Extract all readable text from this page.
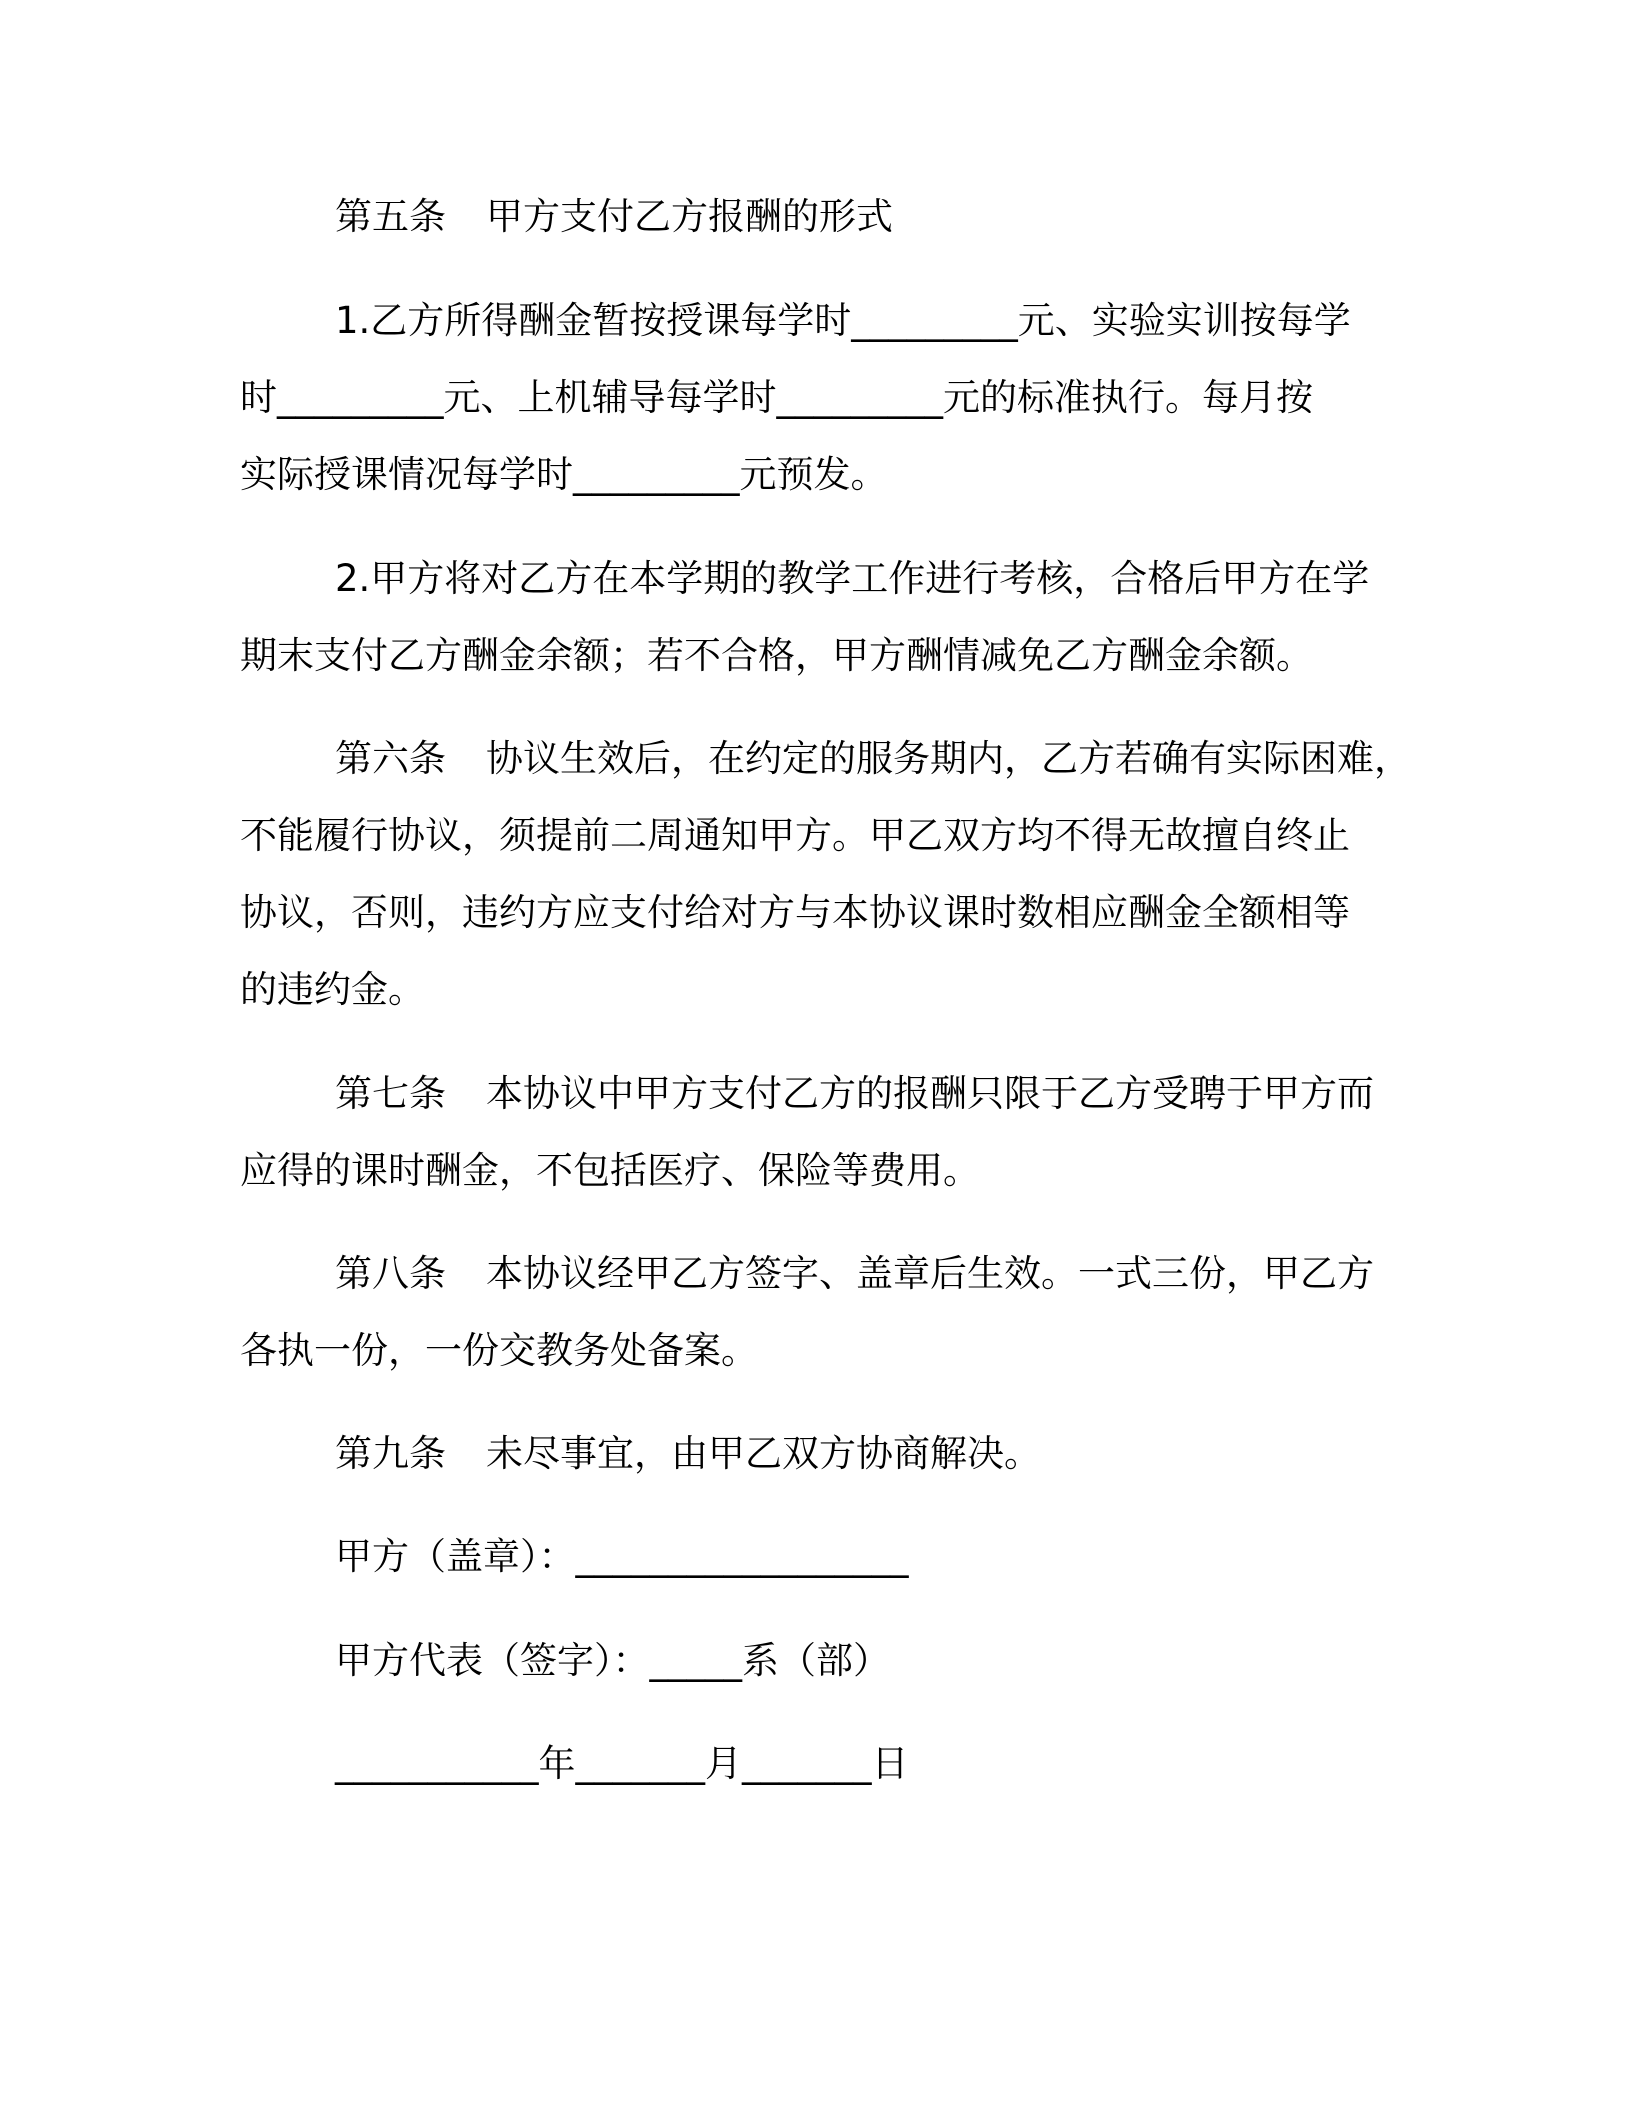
第五条 甲方支付乙方报酬的形式

1.乙方所得酬金暂按授课每学时_________元、实验实训按每学
时_________元、上机辅导每学时_________元的标准执行。每月按
实际授课情况每学时_________元预发。

2.甲方将对乙方在本学期的教学工作进行考核，合格后甲方在学
期末支付乙方酬金余额；若不合格，甲方酬情减免乙方酬金余额。

第六条 协议生效后，在约定的服务期内，乙方若确有实际困难，
不能履行协议，须提前二周通知甲方。甲乙双方均不得无故擅自终止
协议，否则，违约方应支付给对方与本协议课时数相应酬金全额相等
的违约金。

第七条 本协议中甲方支付乙方的报酬只限于乙方受聘于甲方而
应得的课时酬金，不包括医疗、保险等费用。

第八条 本协议经甲乙方签字、盖章后生效。一式三份，甲乙方
各执一份，一份交教务处备案。

第九条 未尽事宜，由甲乙双方协商解决。

甲方（盖章）：__________________

甲方代表（签字）：_____系（部）

___________年_______月_______日
